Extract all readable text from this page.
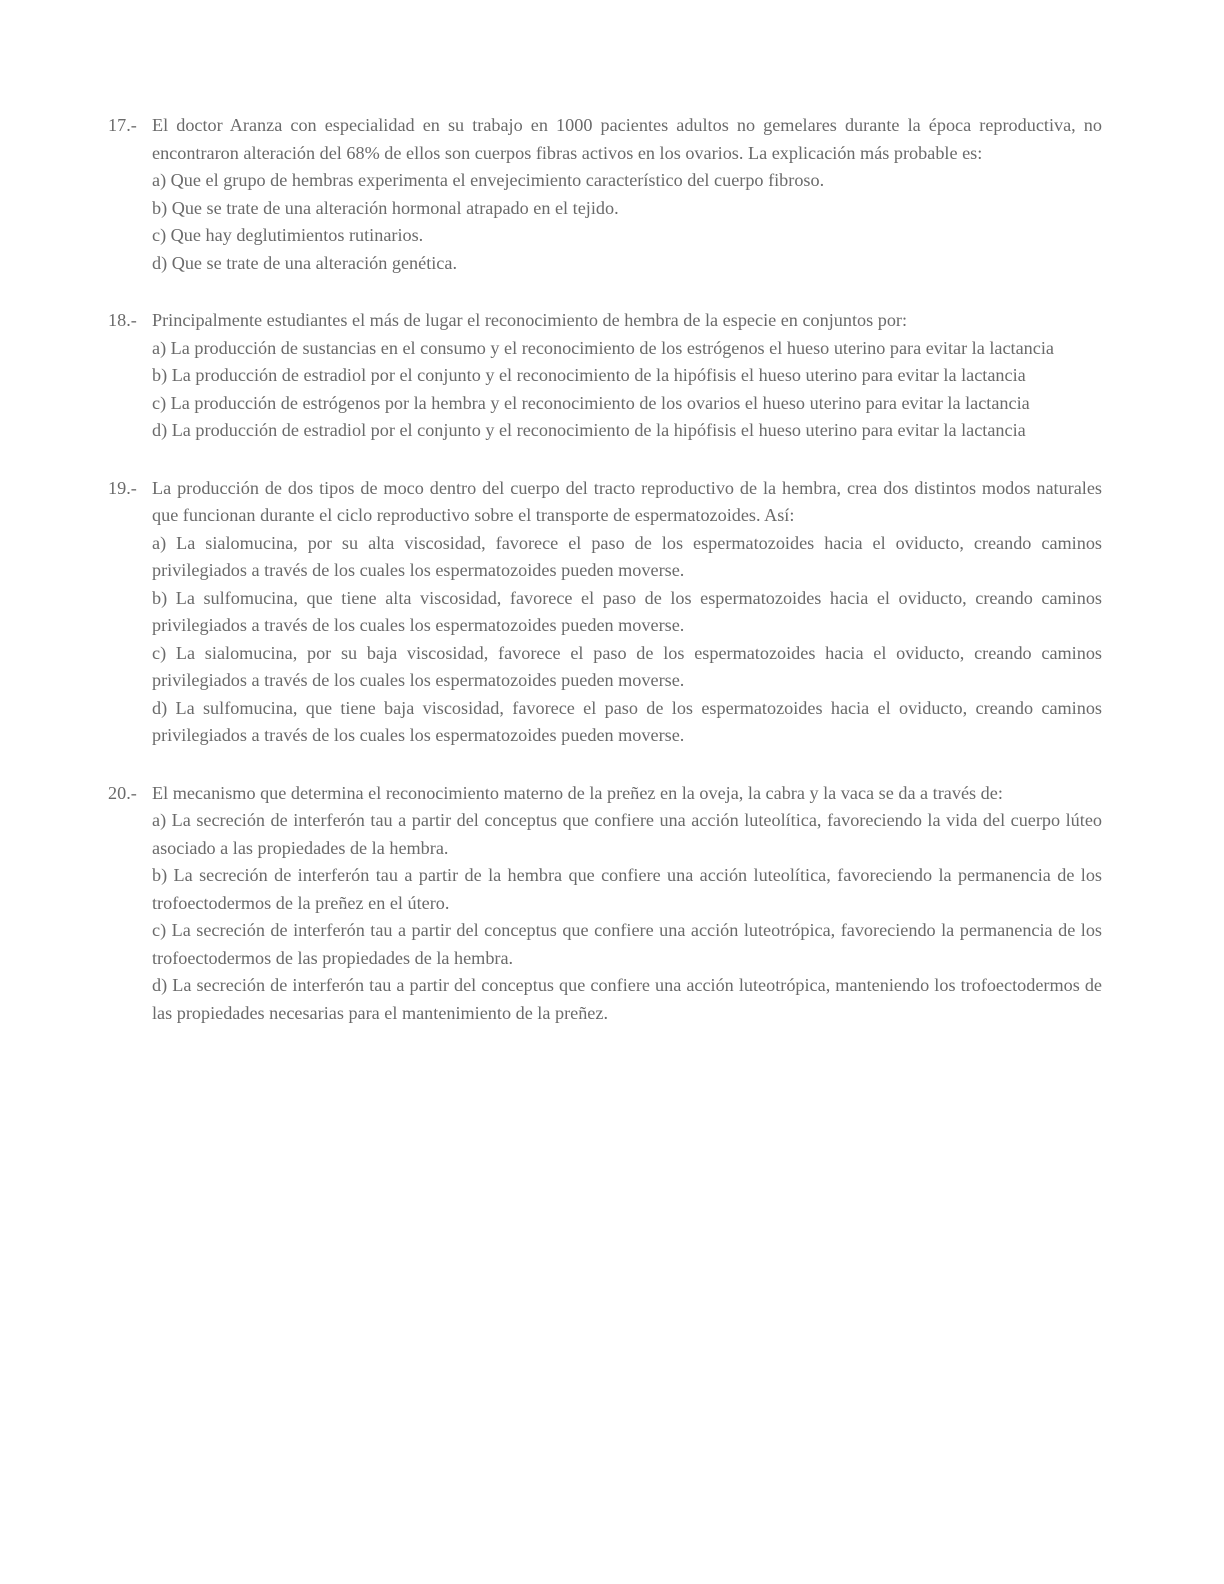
17.- El doctor Aranza con especialidad en su trabajo en 1000 pacientes adultos no gemelares durante la época reproductiva, no encontraron alteración del 68% de ellos son cuerpos fibras activos en los ovarios. La explicación más probable es:
a) Que el grupo de hembras experimenta el envejecimiento característico del cuerpo fibroso.
b) Que se trate de una alteración hormonal atrapado en el tejido.
c) Que hay deglutimientos rutinarios.
d) Que se trate de una alteración genética.
18.- Principalmente estudiantes el más de lugar el reconocimiento de hembra de la especie en conjuntos por:
a) La producción de sustancias en el consumo y el reconocimiento de los estrógenos el hueso uterino para evitar la lactancia
b) La producción de estradiol por el conjunto y el reconocimiento de la hipófisis el hueso uterino para evitar la lactancia
c) La producción de estrógenos por la hembra y el reconocimiento de los ovarios el hueso uterino para evitar la lactancia
d) La producción de estradiol por el conjunto y el reconocimiento de la hipófisis el hueso uterino para evitar la lactancia
19.- La producción de dos tipos de moco dentro del cuerpo del tracto reproductivo de la hembra, crea dos distintos modos naturales que funcionan durante el ciclo reproductivo sobre el transporte de espermatozoides. Así:
a) La sialomucina, por su alta viscosidad, favorece el paso de los espermatozoides hacia el oviducto, creando caminos privilegiados a través de los cuales los espermatozoides pueden moverse.
b) La sulfomucina, que tiene alta viscosidad, favorece el paso de los espermatozoides hacia el oviducto, creando caminos privilegiados a través de los cuales los espermatozoides pueden moverse.
c) La sialomucina, por su baja viscosidad, favorece el paso de los espermatozoides hacia el oviducto, creando caminos privilegiados a través de los cuales los espermatozoides pueden moverse.
d) La sulfomucina, que tiene baja viscosidad, favorece el paso de los espermatozoides hacia el oviducto, creando caminos privilegiados a través de los cuales los espermatozoides pueden moverse.
20.- El mecanismo que determina el reconocimiento materno de la preñez en la oveja, la cabra y la vaca se da a través de:
a) La secreción de interferón tau a partir del conceptus que confiere una acción luteolítica, favoreciendo la vida del cuerpo lúteo asociado a las propiedades de la hembra.
b) La secreción de interferón tau a partir de la hembra que confiere una acción luteolítica, favoreciendo la permanencia de los trofoectodermos de la preñez en el útero.
c) La secreción de interferón tau a partir del conceptus que confiere una acción luteotrópica, favoreciendo la permanencia de los trofoectodermos de las propiedades de la hembra.
d) La secreción de interferón tau a partir del conceptus que confiere una acción luteotrópica, manteniendo los trofoectodermos de las propiedades necesarias para el mantenimiento de la preñez.
